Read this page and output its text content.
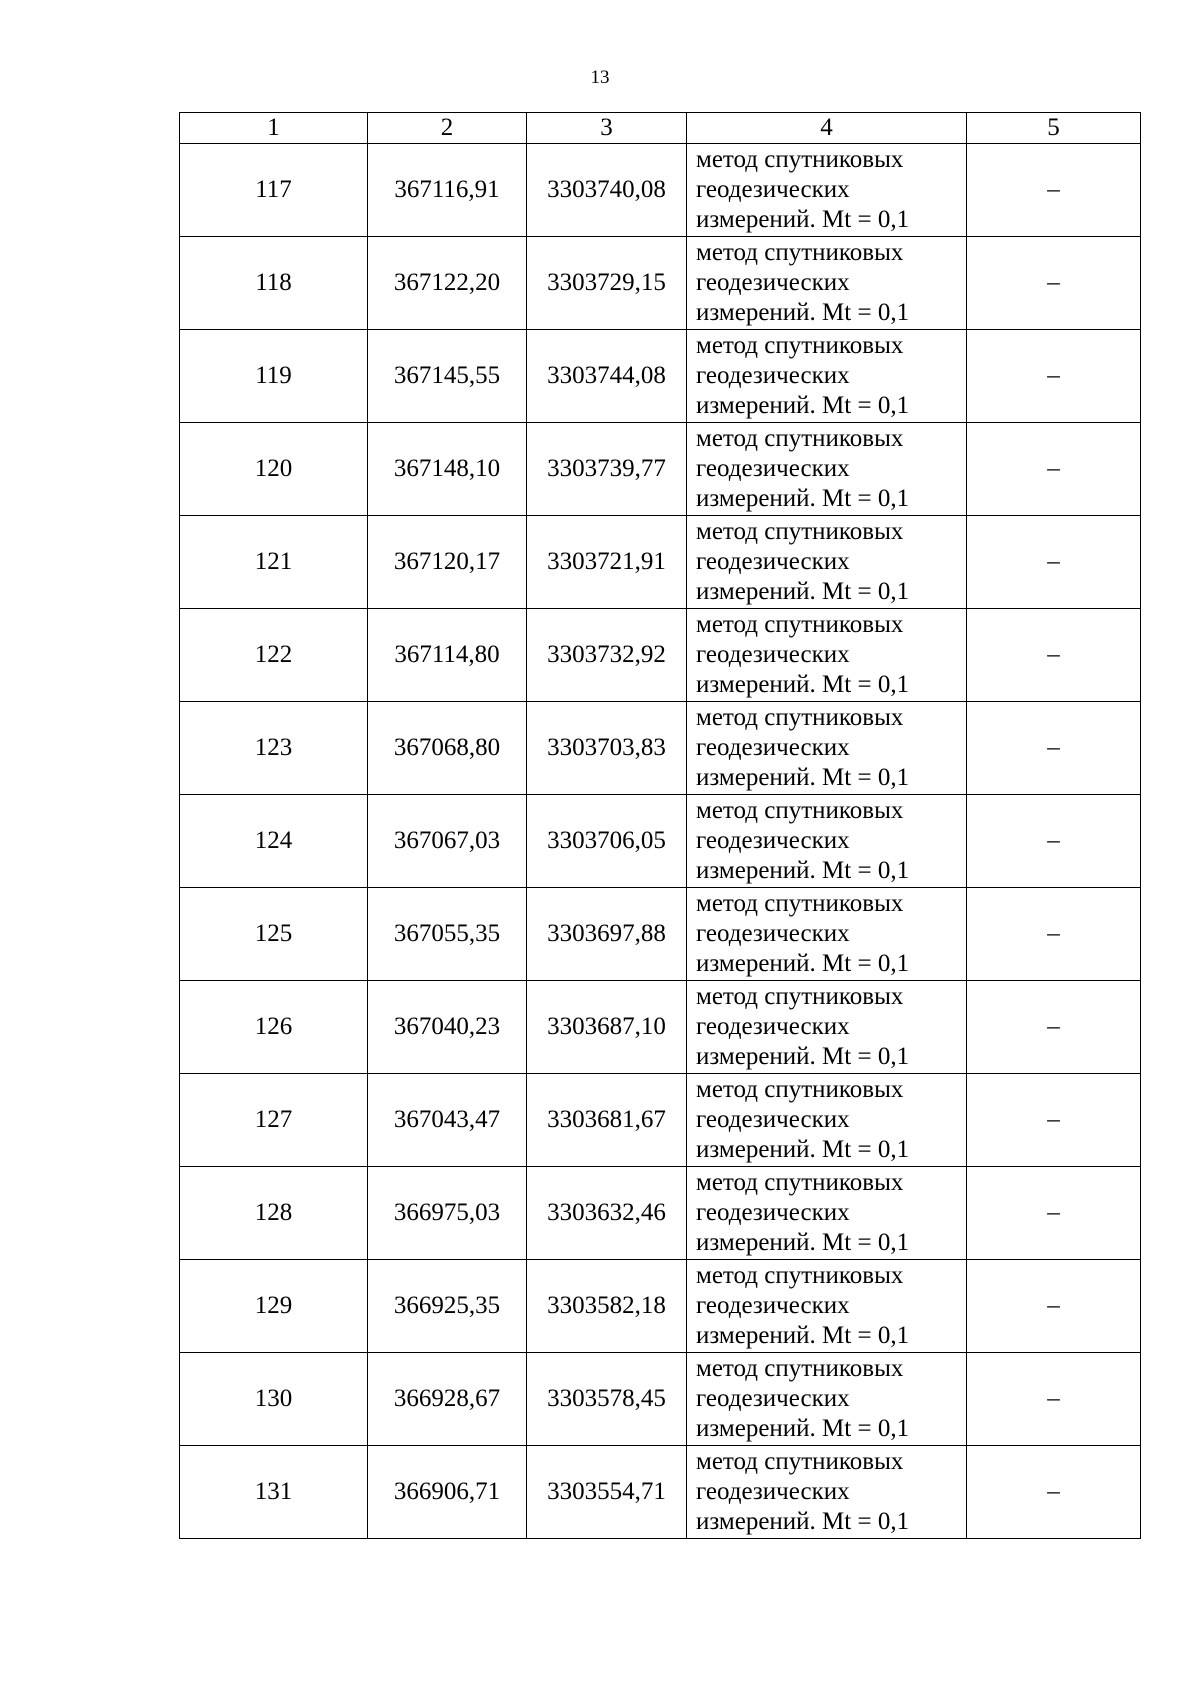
13
1	2	3	4	5
117	367116,91	3303740,08	метод спутниковых
геодезических
измерений. Mt = 0,1	–
118	367122,20	3303729,15	метод спутниковых
геодезических
измерений. Mt = 0,1	–
119	367145,55	3303744,08	метод спутниковых
геодезических
измерений. Mt = 0,1	–
120	367148,10	3303739,77	метод спутниковых
геодезических
измерений. Mt = 0,1	–
121	367120,17	3303721,91	метод спутниковых
геодезических
измерений. Mt = 0,1	–
122	367114,80	3303732,92	метод спутниковых
геодезических
измерений. Mt = 0,1	–
123	367068,80	3303703,83	метод спутниковых
геодезических
измерений. Mt = 0,1	–
124	367067,03	3303706,05	метод спутниковых
геодезических
измерений. Mt = 0,1	–
125	367055,35	3303697,88	метод спутниковых
геодезических
измерений. Mt = 0,1	–
126	367040,23	3303687,10	метод спутниковых
геодезических
измерений. Mt = 0,1	–
127	367043,47	3303681,67	метод спутниковых
геодезических
измерений. Mt = 0,1	–
128	366975,03	3303632,46	метод спутниковых
геодезических
измерений. Mt = 0,1	–
129	366925,35	3303582,18	метод спутниковых
геодезических
измерений. Mt = 0,1	–
130	366928,67	3303578,45	метод спутниковых
геодезических
измерений. Mt = 0,1	–
131	366906,71	3303554,71	метод спутниковых
геодезических
измерений. Mt = 0,1	–
